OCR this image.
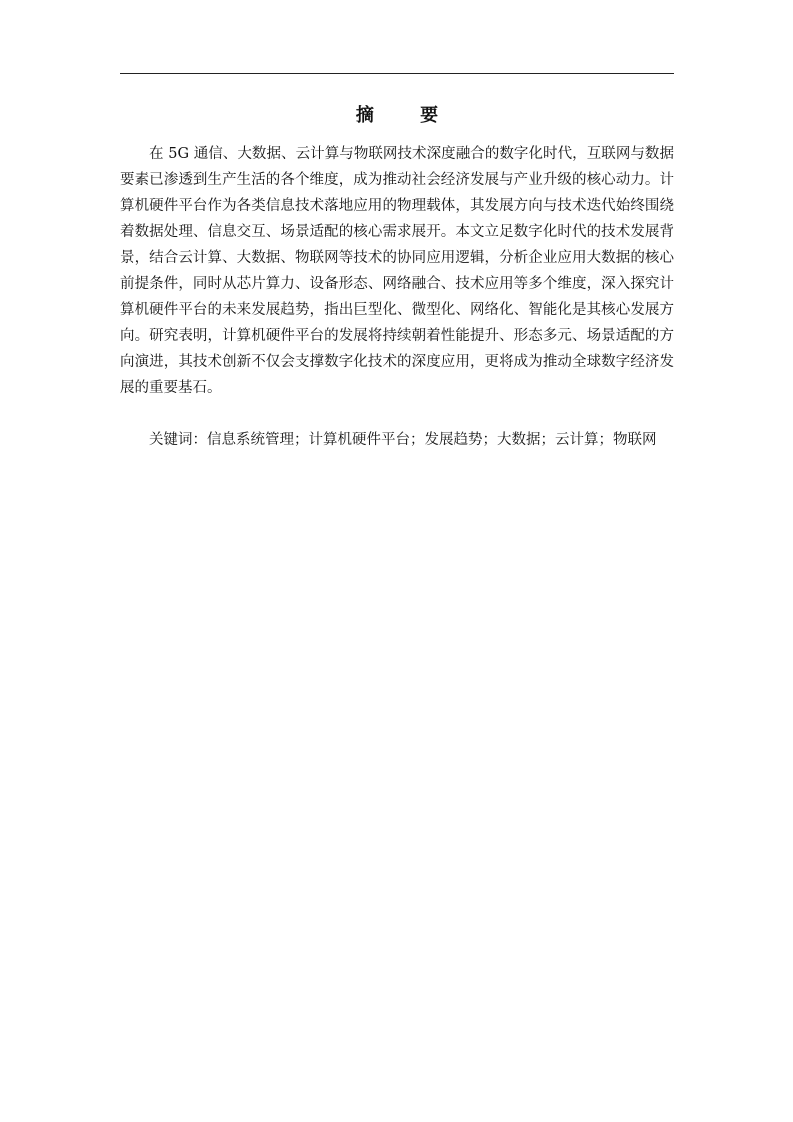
摘 要

在 5G 通信、大数据、云计算与物联网技术深度融合的数字化时代，互联网与数据要素已渗透到生产生活的各个维度，成为推动社会经济发展与产业升级的核心动力。计算机硬件平台作为各类信息技术落地应用的物理载体，其发展方向与技术迭代始终围绕着数据处理、信息交互、场景适配的核心需求展开。本文立足数字化时代的技术发展背景，结合云计算、大数据、物联网等技术的协同应用逻辑，分析企业应用大数据的核心前提条件，同时从芯片算力、设备形态、网络融合、技术应用等多个维度，深入探究计算机硬件平台的未来发展趋势，指出巨型化、微型化、网络化、智能化是其核心发展方向。研究表明，计算机硬件平台的发展将持续朝着性能提升、形态多元、场景适配的方向演进，其技术创新不仅会支撑数字化技术的深度应用，更将成为推动全球数字经济发展的重要基石。

关键词：信息系统管理；计算机硬件平台；发展趋势；大数据；云计算；物联网
